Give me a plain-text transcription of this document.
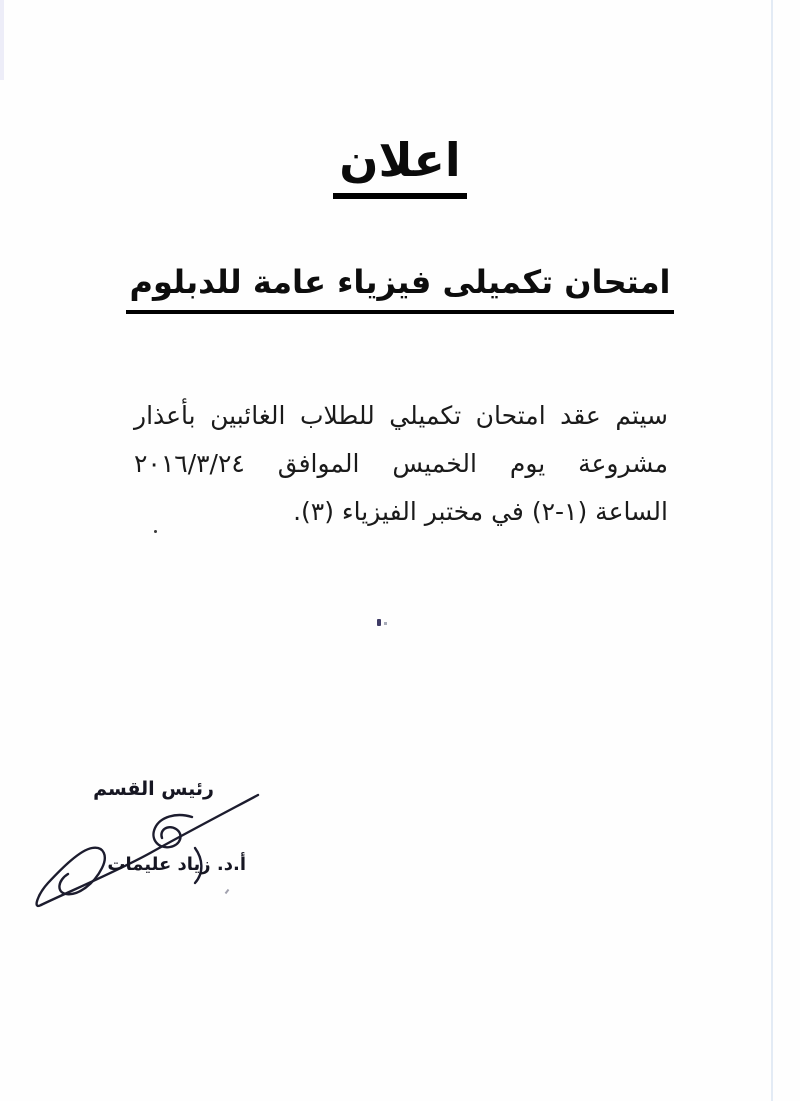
اعلان
امتحان تكميلى فيزياء عامة للدبلوم
سيتم عقد امتحان تكميلي للطلاب الغائبين بأعذار
مشروعة يوم الخميس الموافق ٢٠١٦/٣/٢٤
الساعة (١-٢) في مختبر الفيزياء (٣).
رئيس القسم
أ.د. زياد عليمات
